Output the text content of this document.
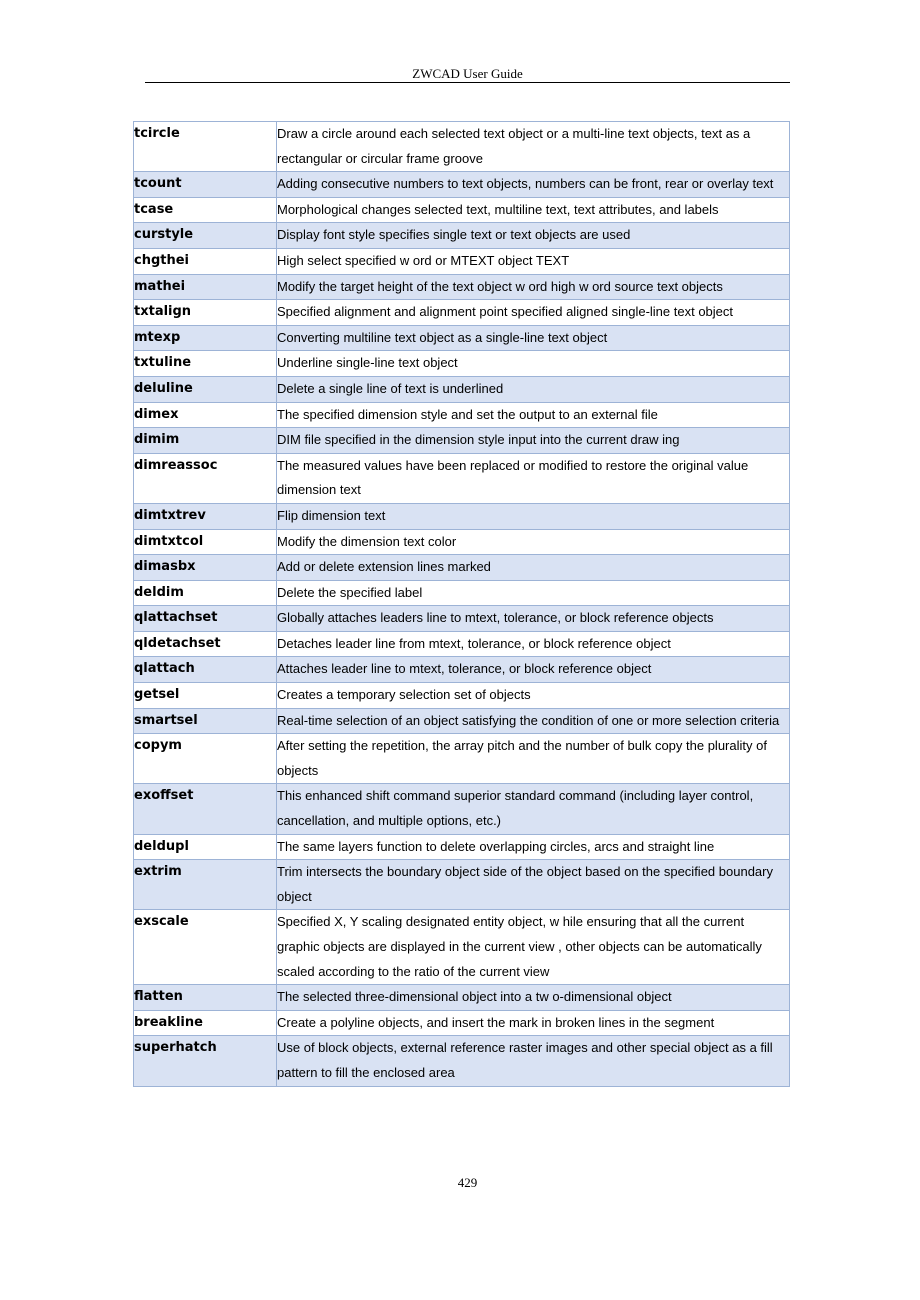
ZWCAD User Guide
tcircle	Draw a circle around each selected text object or a multi-line text objects, text as a rectangular or circular frame groove
tcount	Adding consecutive numbers to text objects, numbers can be front, rear or overlay text
tcase	Morphological changes selected text, multiline text, text attributes, and labels
curstyle	Display font style specifies single text or text objects are used
chgthei	High select specified w ord or MTEXT object TEXT
mathei	Modify the target height of the text object w ord high w ord source text objects
txtalign	Specified alignment and alignment point specified aligned single-line text object
mtexp	Converting multiline text object as a single-line text object
txtuline	Underline single-line text object
deluline	Delete a single line of text is underlined
dimex	The specified dimension style and set the output to an external file
dimim	DIM file specified in the dimension style input into the current draw ing
dimreassoc	The measured values have been replaced or modified to restore the original value dimension text
dimtxtrev	Flip dimension text
dimtxtcol	Modify the dimension text color
dimasbx	Add or delete extension lines marked
deldim	Delete the specified label
qlattachset	Globally attaches leaders line to mtext, tolerance, or block reference objects
qldetachset	Detaches leader line from mtext, tolerance, or block reference object
qlattach	Attaches leader line to mtext, tolerance, or block reference object
getsel	Creates a temporary selection set of objects
smartsel	Real-time selection of an object satisfying the condition of one or more selection criteria
copym	After setting the repetition, the array pitch and the number of bulk copy the plurality of objects
exoffset	This enhanced shift command superior standard command (including layer control, cancellation, and multiple options, etc.)
deldupl	The same layers function to delete overlapping circles, arcs and straight line
extrim	Trim intersects the boundary object side of the object based on the specified boundary object
exscale	Specified X, Y scaling designated entity object, w hile ensuring that all the current graphic objects are displayed in the current view , other objects can be automatically scaled according to the ratio of the current view
flatten	The selected three-dimensional object into a tw o-dimensional object
breakline	Create a polyline objects, and insert the mark in broken lines in the segment
superhatch	Use of block objects, external reference raster images and other special object as a fill pattern to fill the enclosed area
429
